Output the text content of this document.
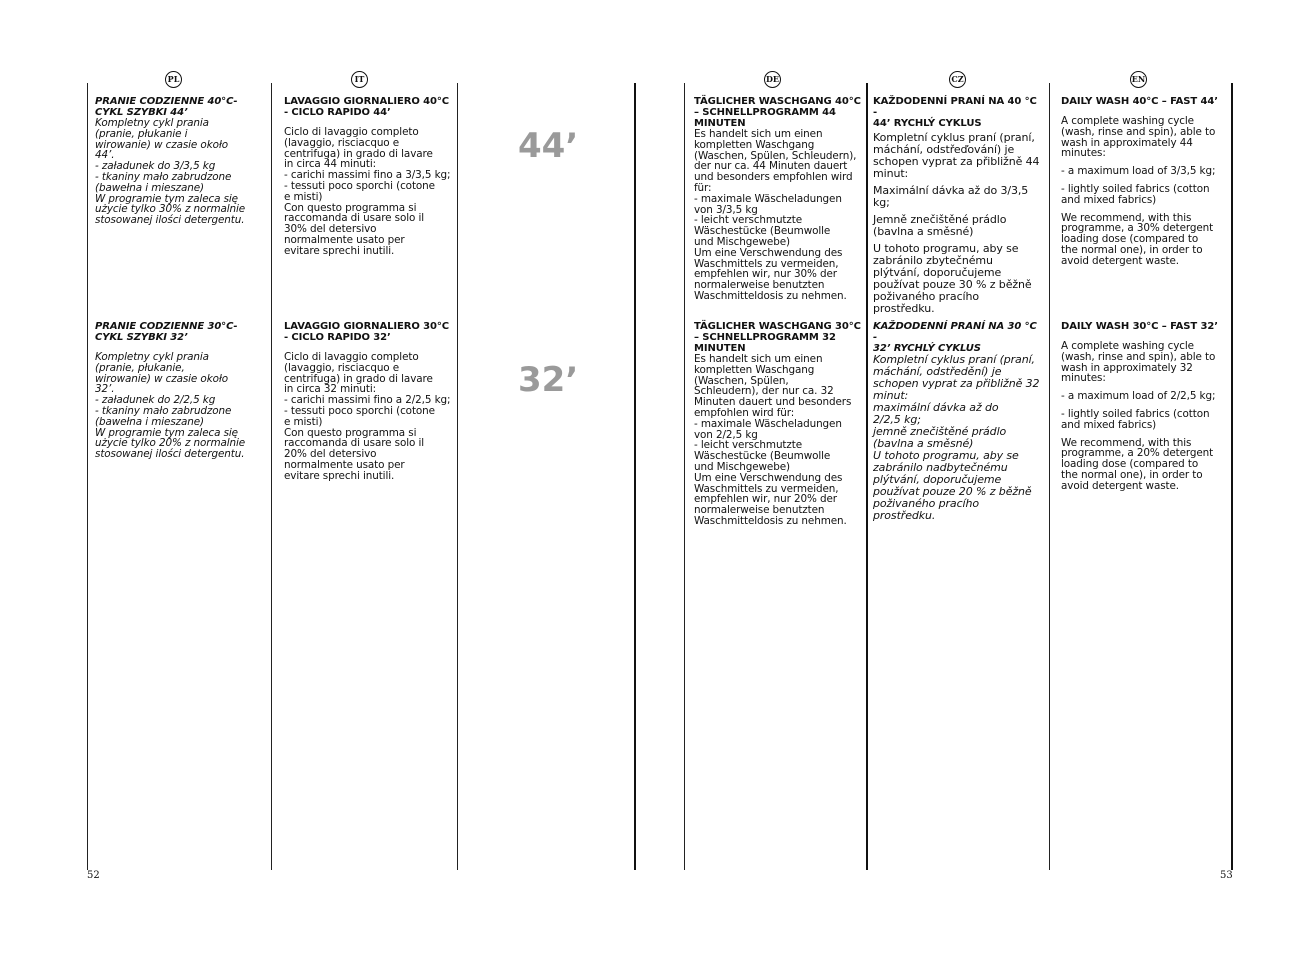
PL	IT	DE	CZ	EN
44’
32’

PRANIE CODZIENNE 40°C-
CYKL SZYBKI 44’

Kompletny cykl prania
(pranie, płukanie i
wirowanie) w czasie około
44’.
- załadunek do 3/3,5 kg
- tkaniny mało zabrudzone
(bawełna i mieszane)
W programie tym zaleca się
użycie tylko 30% z normalnie
stosowanej ilości detergentu.

PRANIE CODZIENNE 30°C-
CYKL SZYBKI 32’

Kompletny cykl prania
(pranie, płukanie,
wirowanie) w czasie około
32’.
- załadunek do 2/2,5 kg
- tkaniny mało zabrudzone
(bawełna i mieszane)
W programie tym zaleca się
użycie tylko 20% z normalnie
stosowanej ilości detergentu.

LAVAGGIO GIORNALIERO 40°C
- CICLO RAPIDO 44’

Ciclo di lavaggio completo
(lavaggio, risciacquo e
centrifuga) in grado di lavare
in circa 44 minuti:
- carichi massimi fino a 3/3,5 kg;
- tessuti poco sporchi (cotone
e misti)
Con questo programma si
raccomanda di usare solo il
30% del detersivo
normalmente usato per
evitare sprechi inutili.

LAVAGGIO GIORNALIERO 30°C
- CICLO RAPIDO 32’

Ciclo di lavaggio completo
(lavaggio, risciacquo e
centrifuga) in grado di lavare
in circa 32 minuti:
- carichi massimi fino a 2/2,5 kg;
- tessuti poco sporchi (cotone
e misti)
Con questo programma si
raccomanda di usare solo il
20% del detersivo
normalmente usato per
evitare sprechi inutili.

TÄGLICHER WASCHGANG 40°C
– SCHNELLPROGRAMM 44
MINUTEN

Es handelt sich um einen
kompletten Waschgang
(Waschen, Spülen, Schleudern),
der nur ca. 44 Minuten dauert
und besonders empfohlen wird
für:
- maximale Wäscheladungen
von 3/3,5 kg
- leicht verschmutzte
Wäschestücke (Beumwolle
und Mischgewebe)
Um eine Verschwendung des
Waschmittels zu vermeiden,
empfehlen wir, nur 30% der
normalerweise benutzten
Waschmitteldosis zu nehmen.

TÄGLICHER WASCHGANG 30°C
– SCHNELLPROGRAMM 32
MINUTEN

Es handelt sich um einen
kompletten Waschgang
(Waschen, Spülen,
Schleudern), der nur ca. 32
Minuten dauert und besonders
empfohlen wird für:
- maximale Wäscheladungen
von 2/2,5 kg
- leicht verschmutzte
Wäschestücke (Beumwolle
und Mischgewebe)
Um eine Verschwendung des
Waschmittels zu vermeiden,
empfehlen wir, nur 20% der
normalerweise benutzten
Waschmitteldosis zu nehmen.

KAŽDODENNÍ PRANÍ NA 40 °C -
44’ RYCHLÝ CYKLUS

Kompletní cyklus praní (praní,
máchání, odstřeďování) je
schopen vyprat za přibližně 44
minut:

Maximální dávka až do 3/3,5
kg;

Jemně znečištěné prádlo
(bavlna a směsné)

U tohoto programu, aby se
zabránilo zbytečnému
plýtvání, doporučujeme
používat pouze 30 % z běžně
poživaného pracího
prostředku.

KAŽDODENNÍ PRANÍ NA 30 °C -
32’ RYCHLÝ CYKLUS

Kompletní cyklus praní (praní,
máchání, odstředění) je
schopen vyprat za přibližně 32
minut:
maximální dávka až do
2/2,5 kg;
jemně znečištěné prádlo
(bavlna a směsné)
U tohoto programu, aby se
zabránilo nadbytečnému
plýtvání, doporučujeme
používat pouze 20 % z běžně
poživaného pracího
prostředku.

DAILY WASH 40°C – FAST 44’

A complete washing cycle
(wash, rinse and spin), able to
wash in approximately 44
minutes:

- a maximum load of 3/3,5 kg;

- lightly soiled fabrics (cotton
and mixed fabrics)

We recommend, with this
programme, a 30% detergent
loading dose (compared to
the normal one), in order to
avoid detergent waste.

DAILY WASH 30°C – FAST 32’

A complete washing cycle
(wash, rinse and spin), able to
wash in approximately 32
minutes:

- a maximum load of 2/2,5 kg;

- lightly soiled fabrics (cotton
and mixed fabrics)

We recommend, with this
programme, a 20% detergent
loading dose (compared to
the normal one), in order to
avoid detergent waste.

52	53
